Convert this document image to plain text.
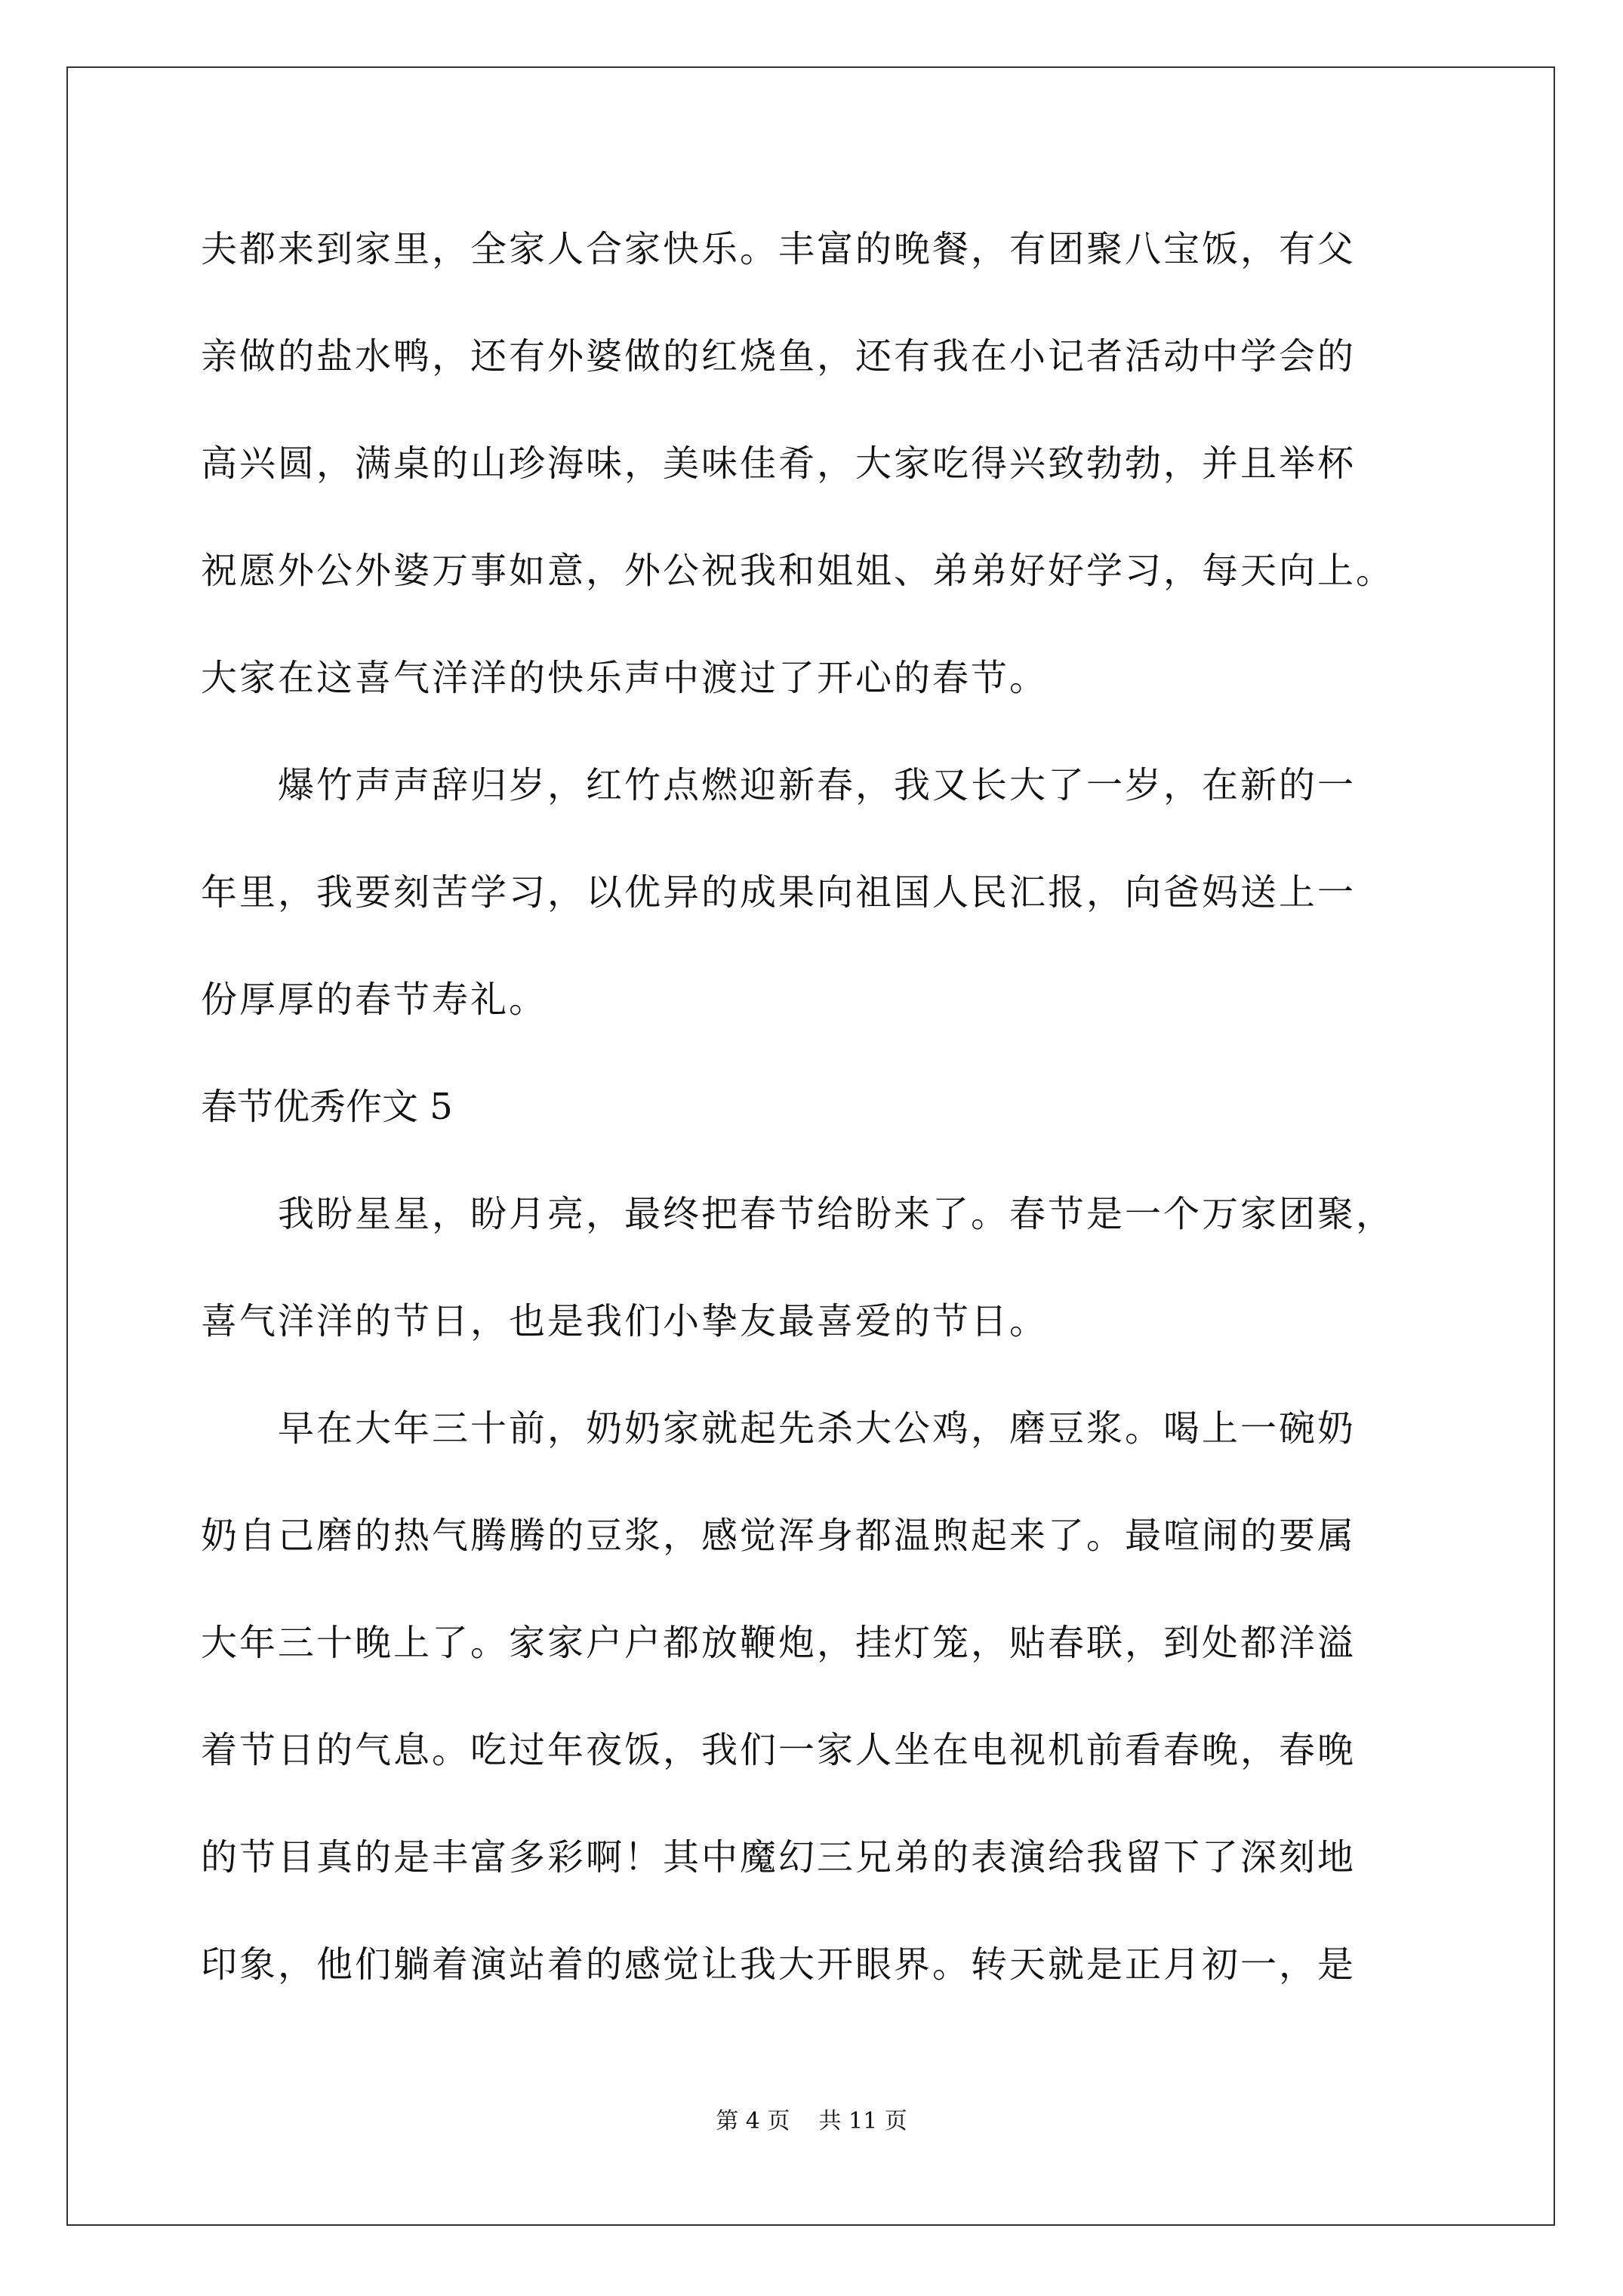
夫都来到家里，全家人合家快乐。丰富的晚餐，有团聚八宝饭，有父
亲做的盐水鸭，还有外婆做的红烧鱼，还有我在小记者活动中学会的
高兴圆，满桌的山珍海味，美味佳肴，大家吃得兴致勃勃，并且举杯
祝愿外公外婆万事如意，外公祝我和姐姐、弟弟好好学习，每天向上。
大家在这喜气洋洋的快乐声中渡过了开心的春节。
爆竹声声辞归岁，红竹点燃迎新春，我又长大了一岁，在新的一
年里，我要刻苦学习，以优异的成果向祖国人民汇报，向爸妈送上一
份厚厚的春节寿礼。
春节优秀作文 5
我盼星星，盼月亮，最终把春节给盼来了。春节是一个万家团聚，
喜气洋洋的节日，也是我们小挚友最喜爱的节日。
早在大年三十前，奶奶家就起先杀大公鸡，磨豆浆。喝上一碗奶
奶自己磨的热气腾腾的豆浆，感觉浑身都温煦起来了。最喧闹的要属
大年三十晚上了。家家户户都放鞭炮，挂灯笼，贴春联，到处都洋溢
着节日的气息。吃过年夜饭，我们一家人坐在电视机前看春晚，春晚
的节目真的是丰富多彩啊！其中魔幻三兄弟的表演给我留下了深刻地
印象，他们躺着演站着的感觉让我大开眼界。转天就是正月初一，是
第 4 页    共 11 页
